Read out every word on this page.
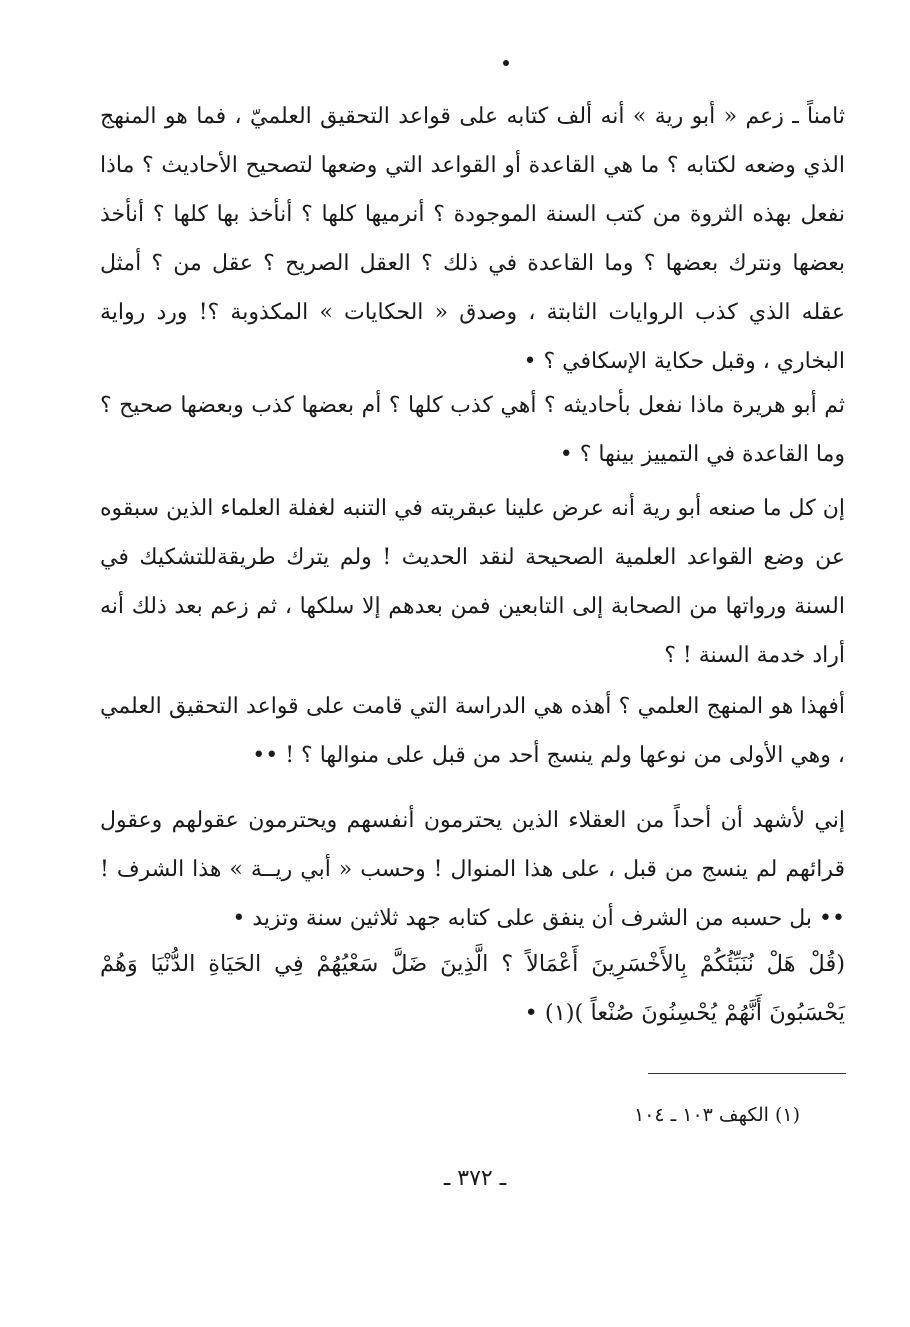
ثامناً ـ زعم « أبو رية » أنه ألف كتابه على قواعد التحقيق العلميّ ، فما هو المنهج الذي وضعه لكتابه ؟ ما هي القاعدة أو القواعد التي وضعها لتصحيح الأحاديث ؟ ماذا نفعل بهذه الثروة من كتب السنة الموجودة ؟ أنرميها كلها ؟ أنأخذ بها كلها ؟ أنأخذ بعضها ونترك بعضها ؟ وما القاعدة في ذلك ؟ العقل الصريح ؟ عقل من ؟ أمثل عقله الذي كذب الروايات الثابتة ، وصدق « الحكايات » المكذوبة ؟! ورد رواية البخاري ، وقبل حكاية الإسكافي ؟ •

ثم أبو هريرة ماذا نفعل بأحاديثه ؟ أهي كذب كلها ؟ أم بعضها كذب وبعضها صحيح ؟ وما القاعدة في التمييز بينها ؟ •

إن كل ما صنعه أبو رية أنه عرض علينا عبقريته في التنبه لغفلة العلماء الذين سبقوه عن وضع القواعد العلمية الصحيحة لنقد الحديث ! ولم يترك طريقةللتشكيك في السنة ورواتها من الصحابة إلى التابعين فمن بعدهم إلا سلكها ، ثم زعم بعد ذلك أنه أراد خدمة السنة ! ؟

أفهذا هو المنهج العلمي ؟ أهذه هي الدراسة التي قامت على قواعد التحقيق العلمي ، وهي الأولى من نوعها ولم ينسج أحد من قبل على منوالها ؟ ! ••

إني لأشهد أن أحداً من العقلاء الذين يحترمون أنفسهم ويحترمون عقولهم وعقول قرائهم لم ينسج من قبل ، على هذا المنوال ! وحسب « أبي ريــة » هذا الشرف ! •• بل حسبه من الشرف أن ينفق على كتابه جهد ثلاثين سنة وتزيد •

(قُلْ هَلْ نُنَبِّئُكُمْ بِالأَخْسَرِينَ أَعْمَالاً ؟ الَّذِينَ ضَلَّ سَعْيُهُمْ فِي الحَيَاةِ الدُّنْيَا وَهُمْ يَحْسَبُونَ أَنَّهُمْ يُحْسِنُونَ صُنْعاً )(١) •

(١) الكهف ١٠٣ ـ ١٠٤
ـ ٣٧٢ ـ
